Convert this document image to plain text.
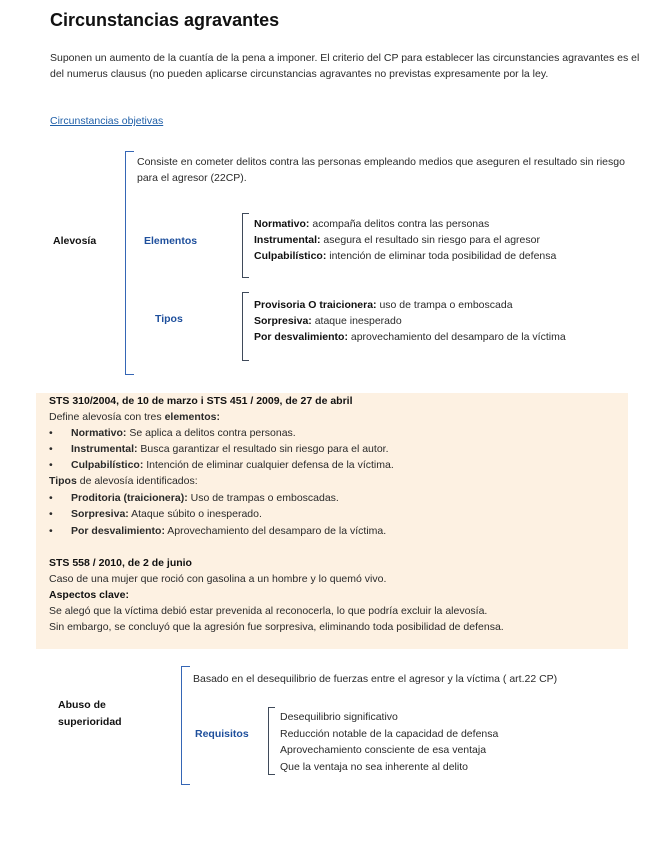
Circunstancias agravantes
Suponen un aumento de la cuantía de la pena a imponer. El criterio del CP para establecer las circunstancies agravantes es el del numerus clausus (no pueden aplicarse circunstancias agravantes no previstas expresamente por la ley.
Circunstancias objetivas
Alevosía
Consiste en cometer delitos contra las personas empleando medios que aseguren el resultado sin riesgo para el agresor (22CP).
Elementos
Normativo: acompaña delitos contra las personas
Instrumental: asegura el resultado sin riesgo para el agresor
Culpabilístico: intención de eliminar toda posibilidad de defensa
Tipos
Provisoria O traicionera: uso de trampa o emboscada
Sorpresiva: ataque inesperado
Por desvalimiento: aprovechamiento del desamparo de la víctima
STS 310/2004, de 10 de marzo i STS 451 / 2009, de 27 de abril
Define alevosía con tres elementos:
• Normativo: Se aplica a delitos contra personas.
• Instrumental: Busca garantizar el resultado sin riesgo para el autor.
• Culpabilístico: Intención de eliminar cualquier defensa de la víctima.
Tipos de alevosía identificados:
• Proditoria (traicionera): Uso de trampas o emboscadas.
• Sorpresiva: Ataque súbito o inesperado.
• Por desvalimiento: Aprovechamiento del desamparo de la víctima.
STS 558 / 2010, de 2 de junio
Caso de una mujer que roció con gasolina a un hombre y lo quemó vivo.
Aspectos clave:
Se alegó que la víctima debió estar prevenida al reconocerla, lo que podría excluir la alevosía.
Sin embargo, se concluyó que la agresión fue sorpresiva, eliminando toda posibilidad de defensa.
Abuso de
superioridad
Basado en el desequilibrio de fuerzas entre el agresor y la víctima ( art.22 CP)
Requisitos
Desequilibrio significativo
Reducción notable de la capacidad de defensa
Aprovechamiento consciente de esa ventaja
Que la ventaja no sea inherente al delito
